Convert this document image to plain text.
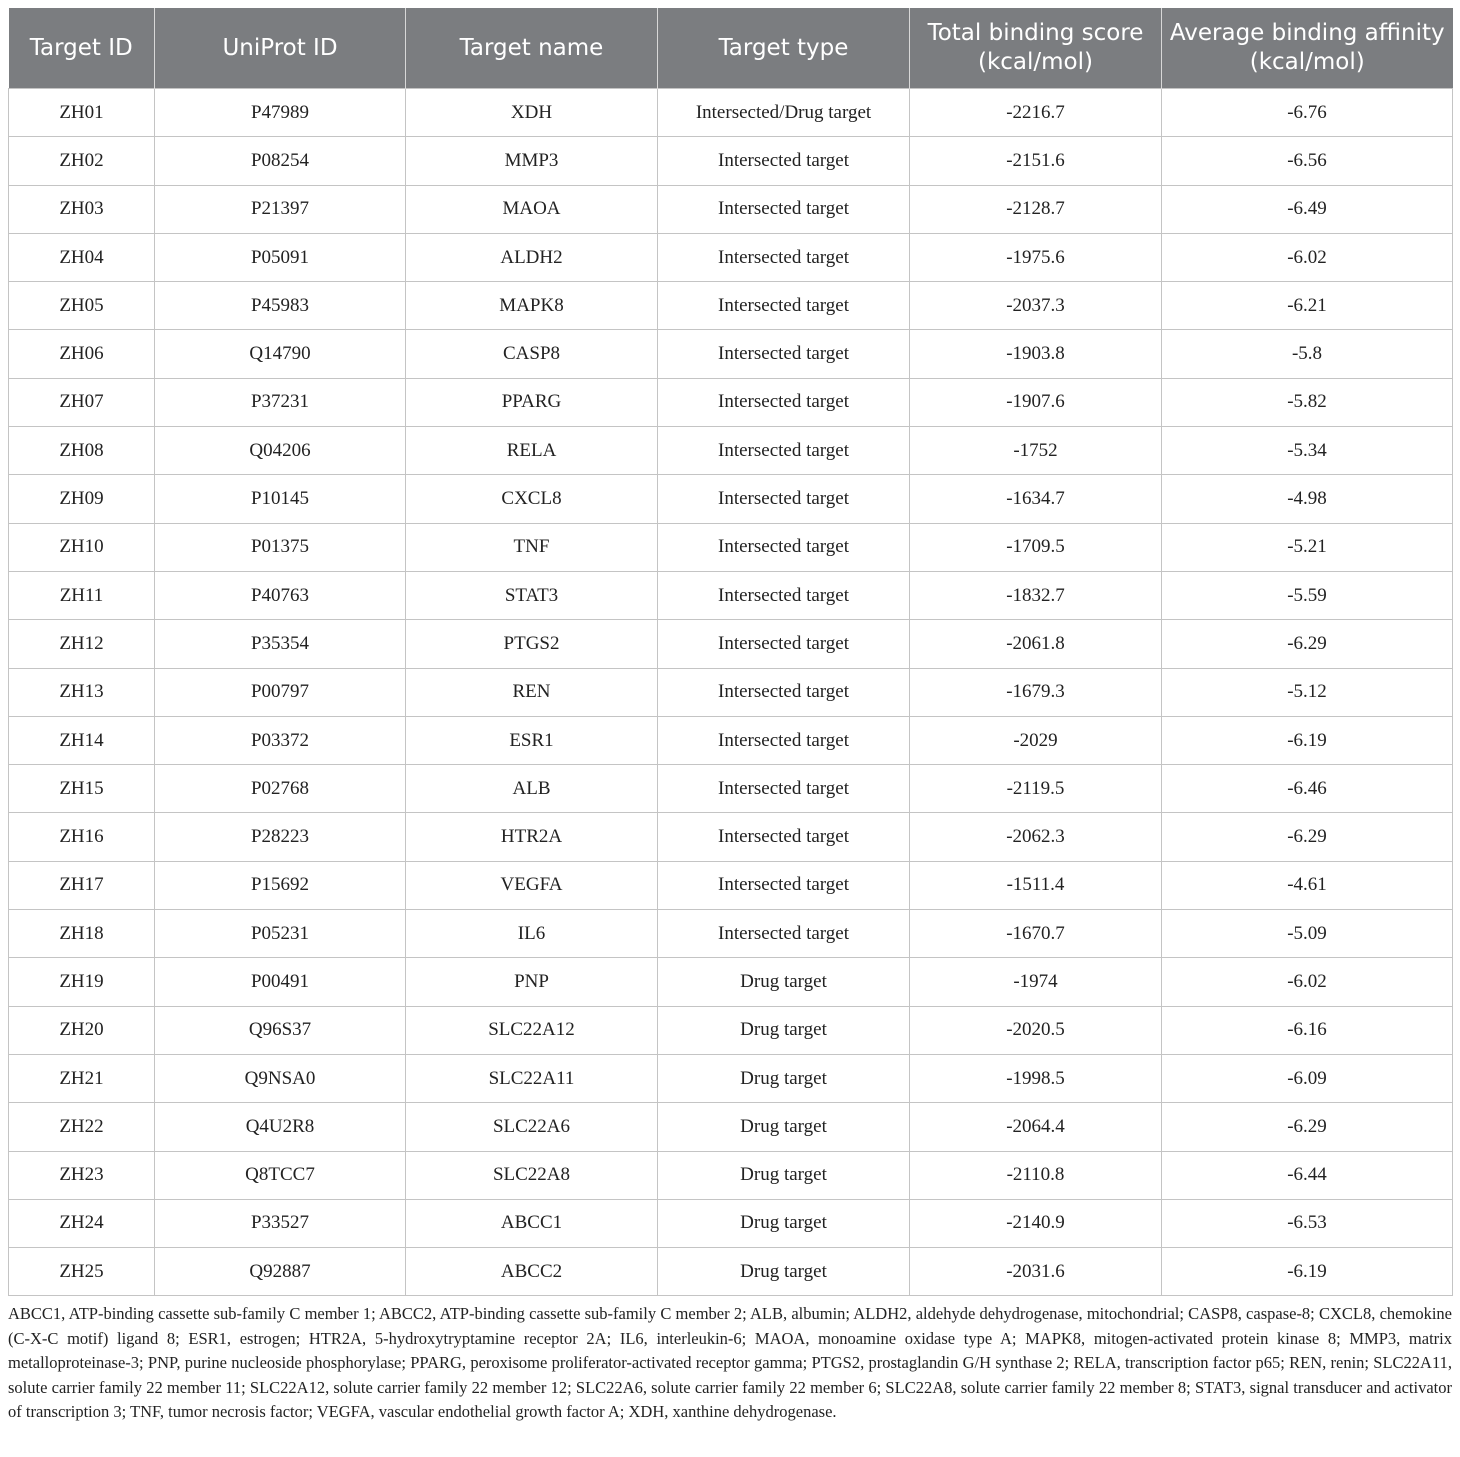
Target ID	UniProt ID	Target name	Target type	Total binding score (kcal/mol)	Average binding affinity (kcal/mol)
ZH01	P47989	XDH	Intersected/Drug target	-2216.7	-6.76
ZH02	P08254	MMP3	Intersected target	-2151.6	-6.56
ZH03	P21397	MAOA	Intersected target	-2128.7	-6.49
ZH04	P05091	ALDH2	Intersected target	-1975.6	-6.02
ZH05	P45983	MAPK8	Intersected target	-2037.3	-6.21
ZH06	Q14790	CASP8	Intersected target	-1903.8	-5.8
ZH07	P37231	PPARG	Intersected target	-1907.6	-5.82
ZH08	Q04206	RELA	Intersected target	-1752	-5.34
ZH09	P10145	CXCL8	Intersected target	-1634.7	-4.98
ZH10	P01375	TNF	Intersected target	-1709.5	-5.21
ZH11	P40763	STAT3	Intersected target	-1832.7	-5.59
ZH12	P35354	PTGS2	Intersected target	-2061.8	-6.29
ZH13	P00797	REN	Intersected target	-1679.3	-5.12
ZH14	P03372	ESR1	Intersected target	-2029	-6.19
ZH15	P02768	ALB	Intersected target	-2119.5	-6.46
ZH16	P28223	HTR2A	Intersected target	-2062.3	-6.29
ZH17	P15692	VEGFA	Intersected target	-1511.4	-4.61
ZH18	P05231	IL6	Intersected target	-1670.7	-5.09
ZH19	P00491	PNP	Drug target	-1974	-6.02
ZH20	Q96S37	SLC22A12	Drug target	-2020.5	-6.16
ZH21	Q9NSA0	SLC22A11	Drug target	-1998.5	-6.09
ZH22	Q4U2R8	SLC22A6	Drug target	-2064.4	-6.29
ZH23	Q8TCC7	SLC22A8	Drug target	-2110.8	-6.44
ZH24	P33527	ABCC1	Drug target	-2140.9	-6.53
ZH25	Q92887	ABCC2	Drug target	-2031.6	-6.19
ABCC1, ATP-binding cassette sub-family C member 1; ABCC2, ATP-binding cassette sub-family C member 2; ALB, albumin; ALDH2, aldehyde dehydrogenase, mitochondrial; CASP8, caspase-8; CXCL8, chemokine (C-X-C motif) ligand 8; ESR1, estrogen; HTR2A, 5-hydroxytryptamine receptor 2A; IL6, interleukin-6; MAOA, monoamine oxidase type A; MAPK8, mitogen-activated protein kinase 8; MMP3, matrix metalloproteinase-3; PNP, purine nucleoside phosphorylase; PPARG, peroxisome proliferator-activated receptor gamma; PTGS2, prostaglandin G/H synthase 2; RELA, transcription factor p65; REN, renin; SLC22A11, solute carrier family 22 member 11; SLC22A12, solute carrier family 22 member 12; SLC22A6, solute carrier family 22 member 6; SLC22A8, solute carrier family 22 member 8; STAT3, signal transducer and activator of transcription 3; TNF, tumor necrosis factor; VEGFA, vascular endothelial growth factor A; XDH, xanthine dehydrogenase.
